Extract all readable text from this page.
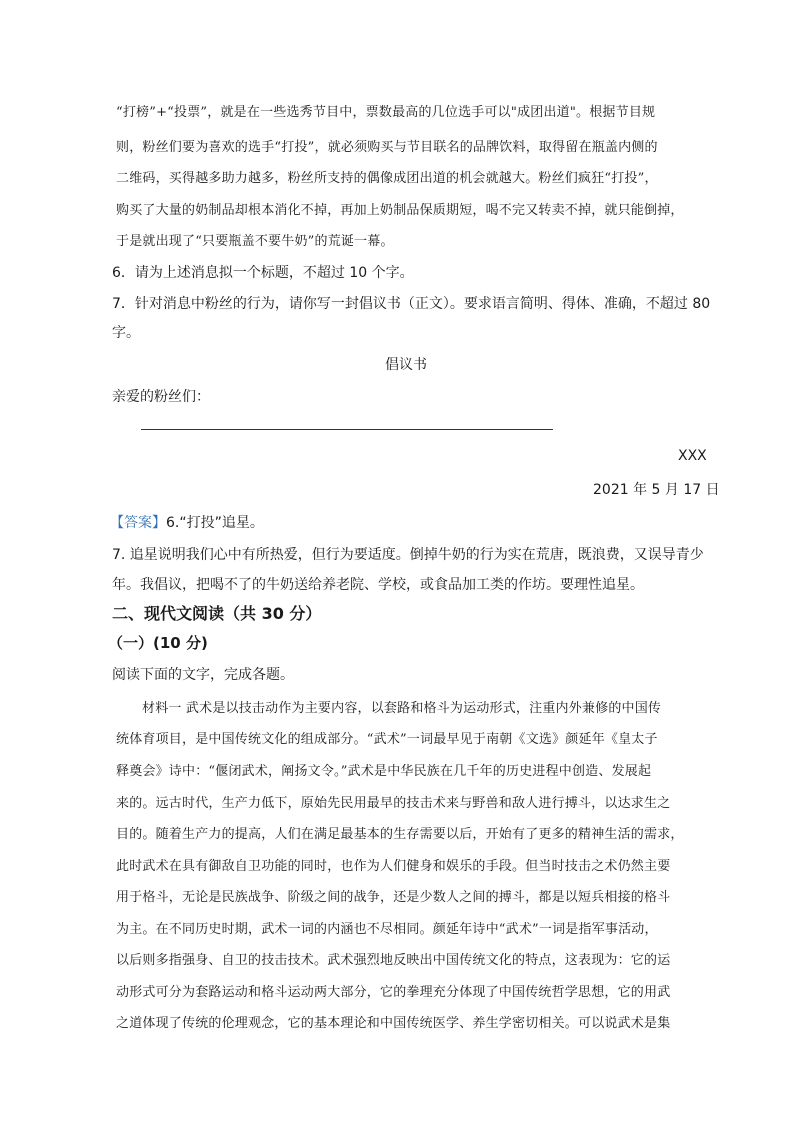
“打榜”+“投票”，就是在一些选秀节目中，票数最高的几位选手可以"成团出道"。根据节目规
则，粉丝们要为喜欢的选手“打投”，就必须购买与节目联名的品牌饮料，取得留在瓶盖内侧的
二维码，买得越多助力越多，粉丝所支持的偶像成团出道的机会就越大。粉丝们疯狂“打投”，
购买了大量的奶制品却根本消化不掉，再加上奶制品保质期短，喝不完又转卖不掉，就只能倒掉，
于是就出现了“只要瓶盖不要牛奶”的荒诞一幕。
6．请为上述消息拟一个标题，不超过 10 个字。
7．针对消息中粉丝的行为，请你写一封倡议书（正文）。要求语言简明、得体、准确，不超过 80
字。
倡议书
亲爱的粉丝们：
XXX
2021 年 5 月 17 日
【答案】6.“打投”追星。
7. 追星说明我们心中有所热爱，但行为要适度。倒掉牛奶的行为实在荒唐，既浪费，又误导青少
年。我倡议，把喝不了的牛奶送给养老院、学校，或食品加工类的作坊。要理性追星。
二、现代文阅读（共 30 分）
（一）(10 分)
阅读下面的文字，完成各题。
材料一 武术是以技击动作为主要内容，以套路和格斗为运动形式，注重内外兼修的中国传
统体育项目，是中国传统文化的组成部分。“武术”一词最早见于南朝《文选》颜延年《皇太子
释奠会》诗中：“偃闭武术，阐扬文令。”武术是中华民族在几千年的历史进程中创造、发展起
来的。远古时代，生产力低下，原始先民用最早的技击术来与野兽和敌人进行搏斗，以达求生之
目的。随着生产力的提高，人们在满足最基本的生存需要以后，开始有了更多的精神生活的需求，
此时武术在具有御敌自卫功能的同时，也作为人们健身和娱乐的手段。但当时技击之术仍然主要
用于格斗，无论是民族战争、阶级之间的战争，还是少数人之间的搏斗，都是以短兵相接的格斗
为主。在不同历史时期，武术一词的内涵也不尽相同。颜延年诗中“武术”一词是指军事活动，
以后则多指强身、自卫的技击技术。武术强烈地反映出中国传统文化的特点，这表现为：它的运
动形式可分为套路运动和格斗运动两大部分，它的拳理充分体现了中国传统哲学思想，它的用武
之道体现了传统的伦理观念，它的基本理论和中国传统医学、养生学密切相关。可以说武术是集
